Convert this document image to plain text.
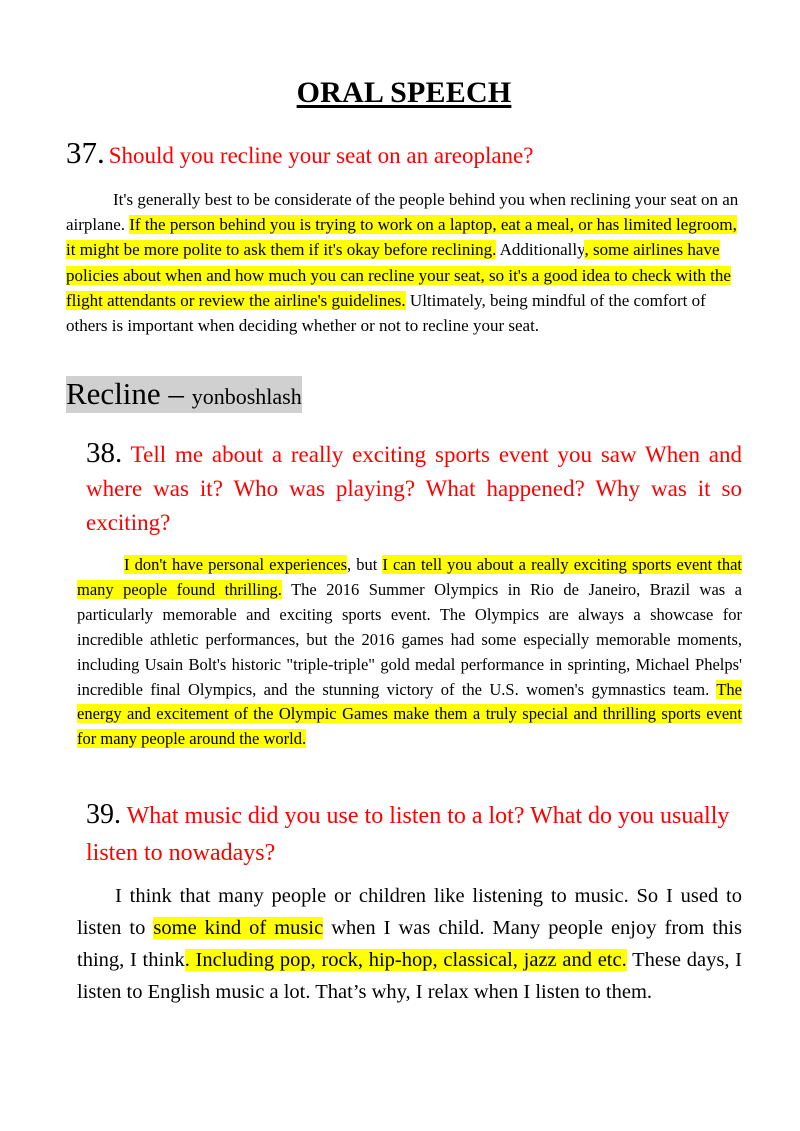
ORAL SPEECH
37. Should you recline your seat on an areoplane?

It's generally best to be considerate of the people behind you when reclining your seat on an airplane. If the person behind you is trying to work on a laptop, eat a meal, or has limited legroom, it might be more polite to ask them if it's okay before reclining. Additionally, some airlines have policies about when and how much you can recline your seat, so it's a good idea to check with the flight attendants or review the airline's guidelines. Ultimately, being mindful of the comfort of others is important when deciding whether or not to recline your seat.

Recline – yonboshlash

38. Tell me about a really exciting sports event you saw When and where was it? Who was playing? What happened? Why was it so exciting?

I don't have personal experiences, but I can tell you about a really exciting sports event that many people found thrilling. The 2016 Summer Olympics in Rio de Janeiro, Brazil was a particularly memorable and exciting sports event. The Olympics are always a showcase for incredible athletic performances, but the 2016 games had some especially memorable moments, including Usain Bolt's historic "triple-triple" gold medal performance in sprinting, Michael Phelps' incredible final Olympics, and the stunning victory of the U.S. women's gymnastics team. The energy and excitement of the Olympic Games make them a truly special and thrilling sports event for many people around the world.

39. What music did you use to listen to a lot? What do you usually listen to nowadays?

I think that many people or children like listening to music. So I used to listen to some kind of music when I was child. Many people enjoy from this thing, I think. Including pop, rock, hip-hop, classical, jazz and etc. These days, I listen to English music a lot. That’s why, I relax when I listen to them.
